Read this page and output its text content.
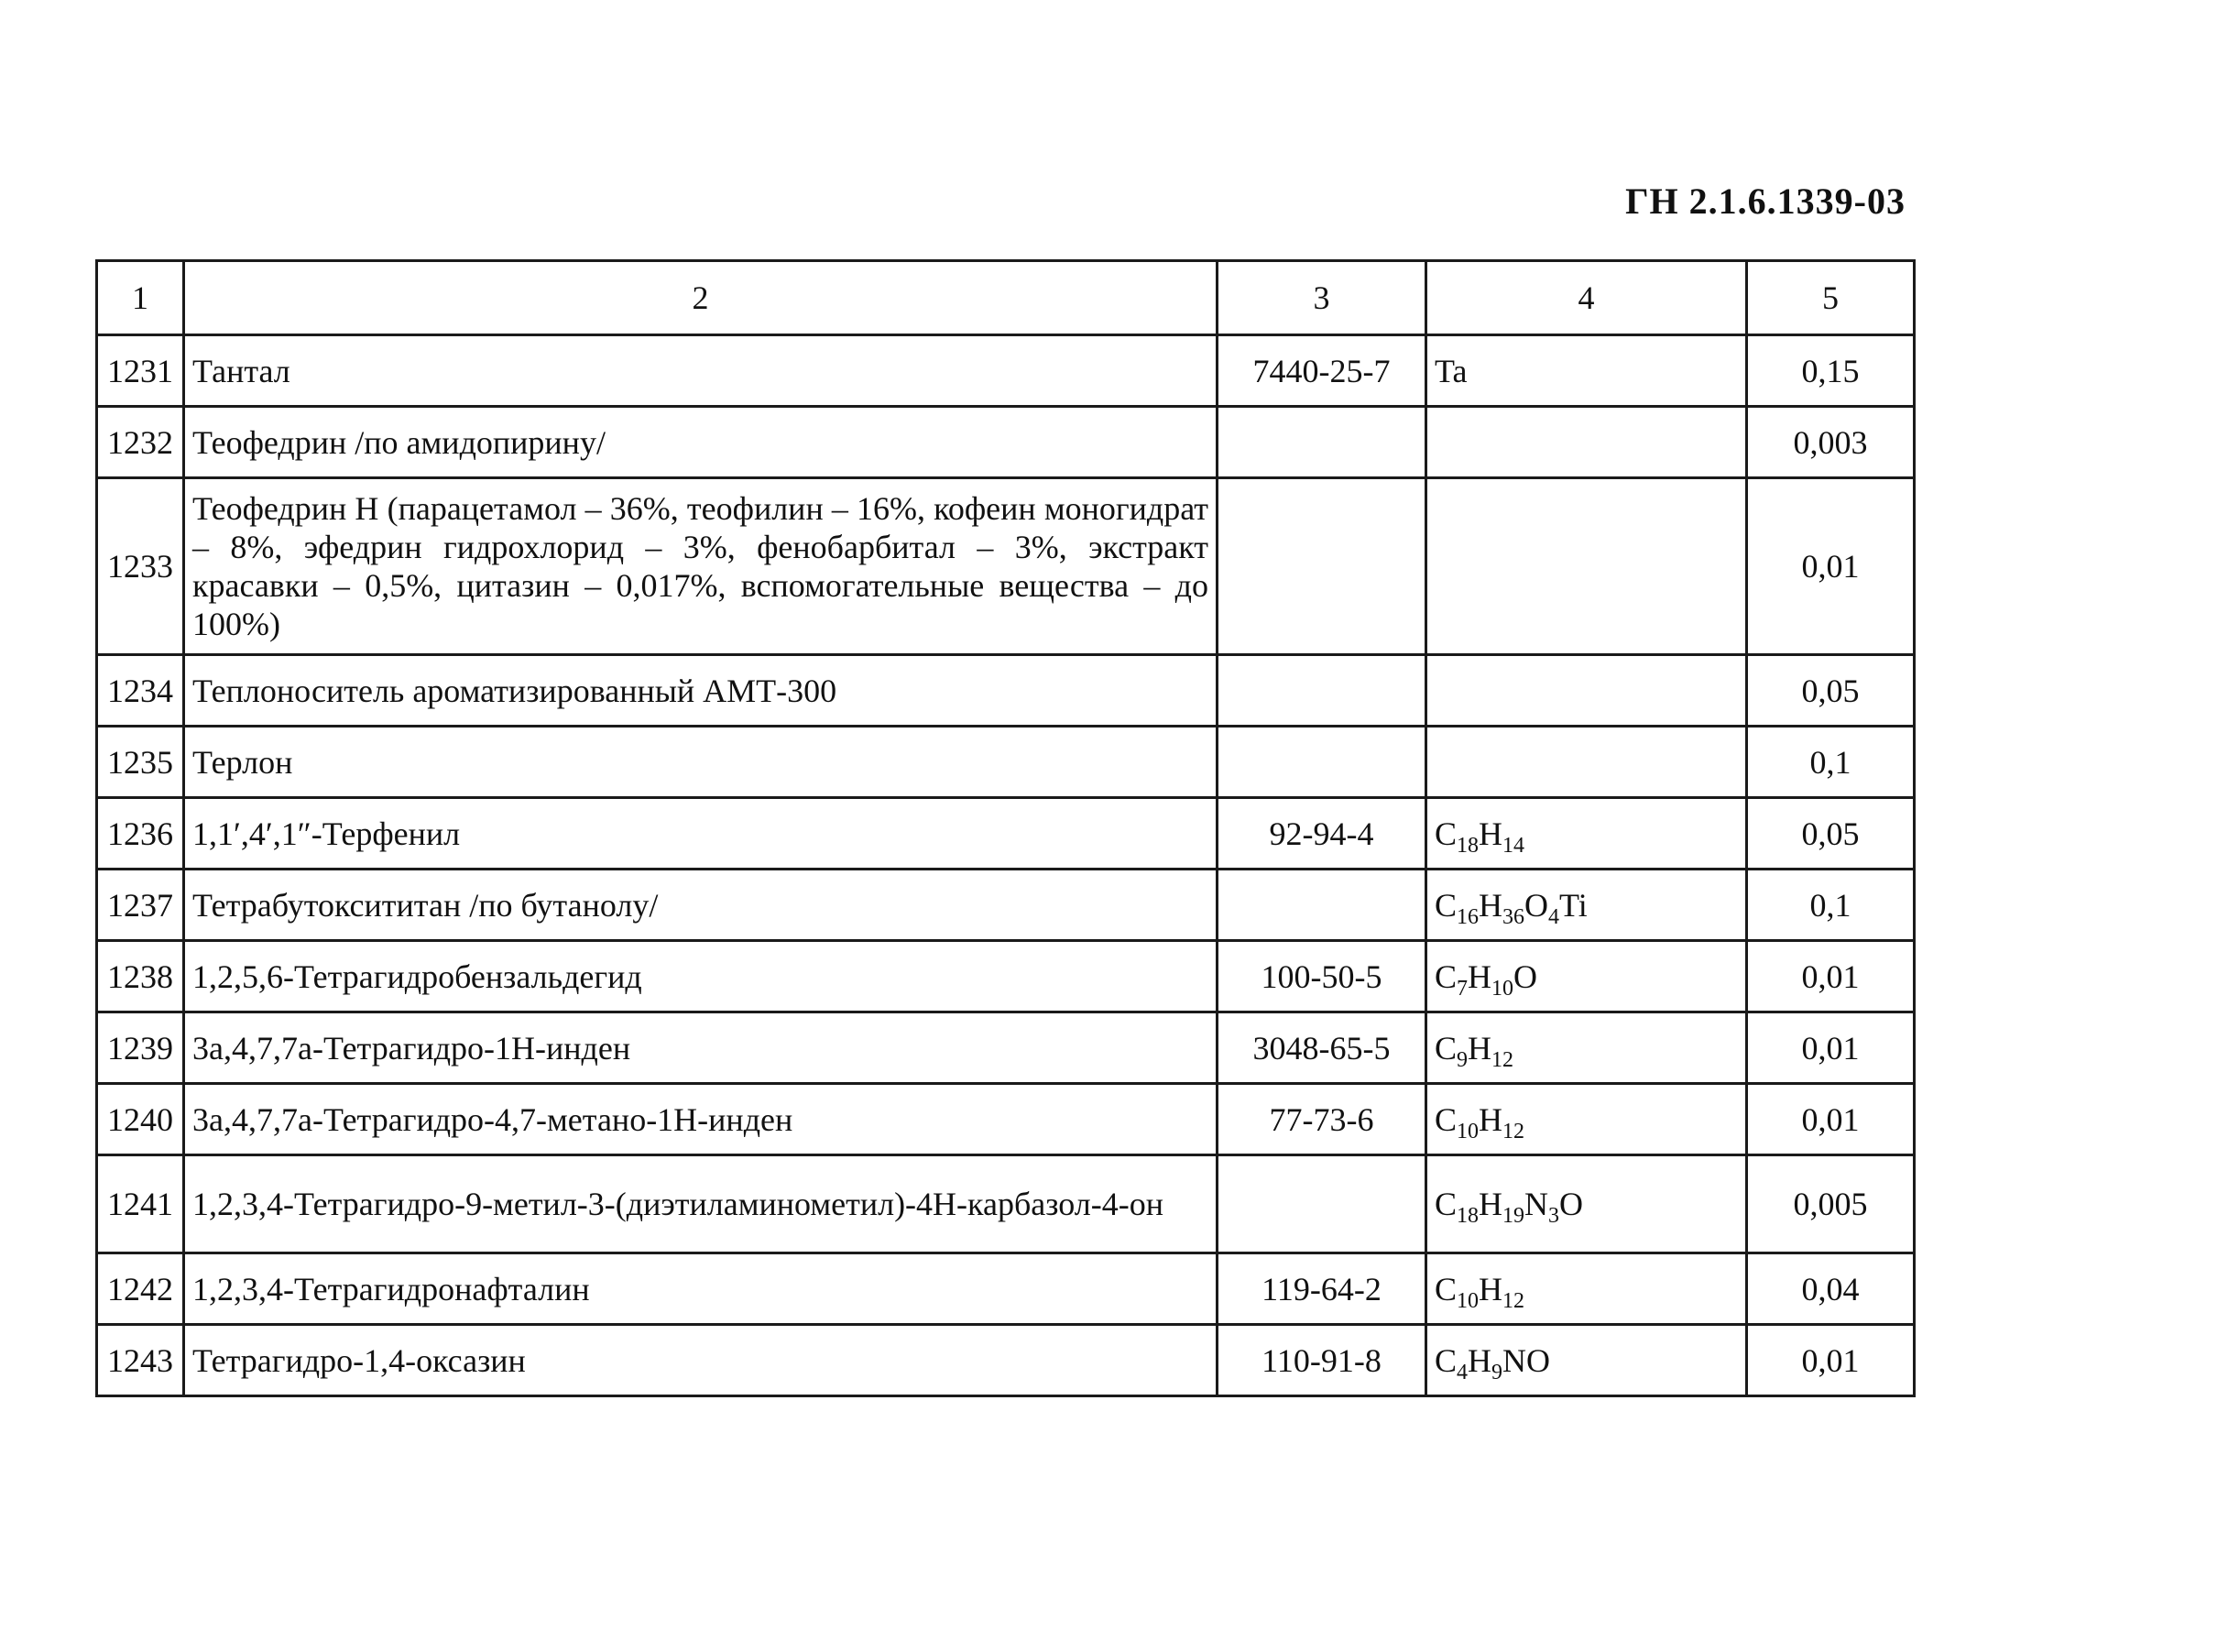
ГН 2.1.6.1339-03
1	2	3	4	5
1231	Тантал	7440-25-7	Ta	0,15
1232	Теофедрин /по амидопирину/			0,003
1233	Теофедрин Н (парацетамол – 36%, теофилин – 16%, кофеин моногидрат – 8%, эфедрин гидрохлорид – 3%, фенобарбитал – 3%, экстракт красавки – 0,5%, цитазин – 0,017%, вспомогательные вещества – до 100%)			0,01
1234	Теплоноситель ароматизированный АМТ-300			0,05
1235	Терлон			0,1
1236	1,1′,4′,1″-Терфенил	92-94-4	$C_{18}H_{14}$	0,05
1237	Тетрабутоксититан /по бутанолу/		$C_{16}H_{36}O_4Ti$	0,1
1238	1,2,5,6-Тетрагидробензальдегид	100-50-5	$C_7H_{10}O$	0,01
1239	3а,4,7,7а-Тетрагидро-1Н-инден	3048-65-5	$C_9H_{12}$	0,01
1240	3а,4,7,7а-Тетрагидро-4,7-метано-1Н-инден	77-73-6	$C_{10}H_{12}$	0,01
1241	1,2,3,4-Тетрагидро-9-метил-3-(диэтиламинометил)-4Н-карбазол-4-он		$C_{18}H_{19}N_3O$	0,005
1242	1,2,3,4-Тетрагидронафталин	119-64-2	$C_{10}H_{12}$	0,04
1243	Тетрагидро-1,4-оксазин	110-91-8	$C_4H_9NO$	0,01
